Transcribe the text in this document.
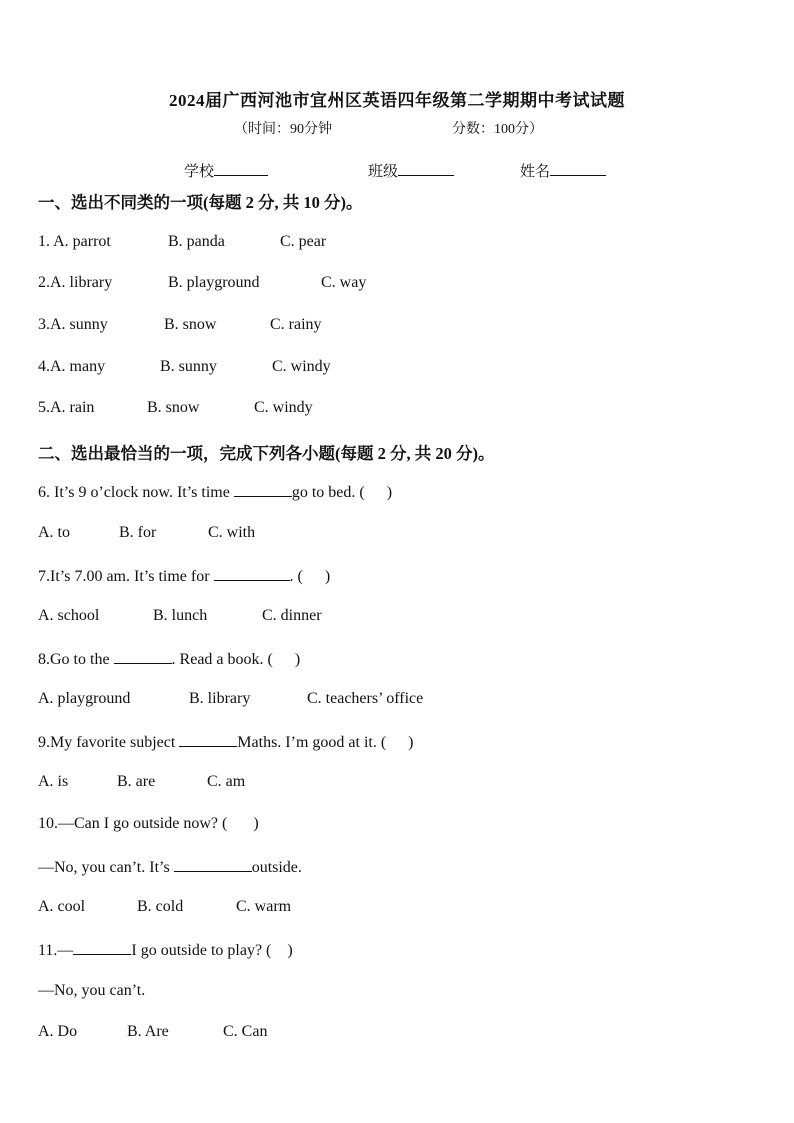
2024届广西河池市宜州区英语四年级第二学期期中考试试题
（时间：90分钟	分数：100分）
学校	班级	姓名
一、选出不同类的一项(每题 2 分, 共 10 分)。
1. A. parrot	B. panda	C. pear
2.A. library	B. playground	C. way
3.A. sunny	B. snow	C. rainy
4.A. many	B. sunny	C. windy
5.A. rain	B. snow	C. windy
二、选出最恰当的一项，完成下列各小题(每题 2 分, 共 20 分)。
6. It’s 9 o’clock now. It’s time	go to bed. ( )
A. to	B. for	C. with
7.It’s 7.00 am. It’s time for	. ( )
A. school	B. lunch	C. dinner
8.Go to the	. Read a book. ( )
A. playground	B. library	C. teachers’ office
9.My favorite subject	Maths. I’m good at it. ( )
A. is	B. are	C. am
10.—Can I go outside now? ( )
—No, you can’t. It’s	outside.
A. cool	B. cold	C. warm
11.—	I go outside to play? ( )
—No, you can’t.
A. Do	B. Are	C. Can
